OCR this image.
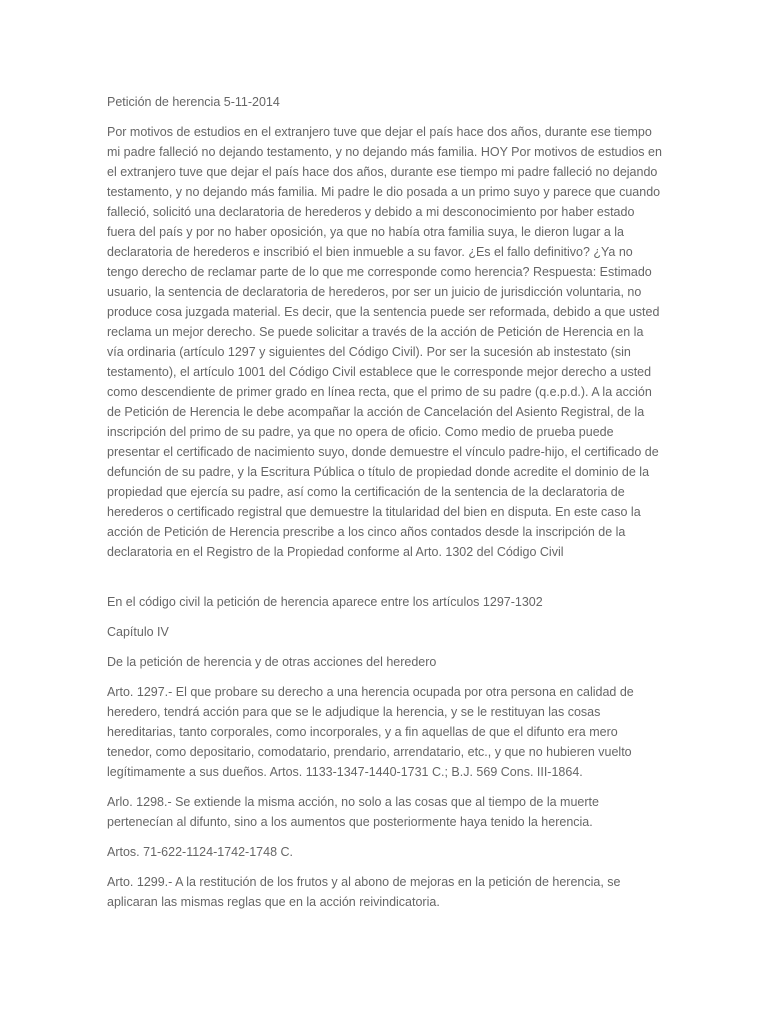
Petición de herencia 5-11-2014

Por motivos de estudios en el extranjero tuve que dejar el país hace dos años, durante ese tiempo mi padre falleció no dejando testamento, y no dejando más familia. HOY Por motivos de estudios en el extranjero tuve que dejar el país hace dos años, durante ese tiempo mi padre falleció no dejando testamento, y no dejando más familia. Mi padre le dio posada a un primo suyo y parece que cuando falleció, solicitó una declaratoria de herederos y debido a mi desconocimiento por haber estado fuera del país y por no haber oposición, ya que no había otra familia suya, le dieron lugar a la declaratoria de herederos e inscribió el bien inmueble a su favor. ¿Es el fallo definitivo? ¿Ya no tengo derecho de reclamar parte de lo que me corresponde como herencia? Respuesta: Estimado usuario, la sentencia de declaratoria de herederos, por ser un juicio de jurisdicción voluntaria, no produce cosa juzgada material. Es decir, que la sentencia puede ser reformada, debido a que usted reclama un mejor derecho. Se puede solicitar a través de la acción de Petición de Herencia en la vía ordinaria (artículo 1297 y siguientes del Código Civil). Por ser la sucesión ab instestato (sin testamento), el artículo 1001 del Código Civil establece que le corresponde mejor derecho a usted como descendiente de primer grado en línea recta, que el primo de su padre (q.e.p.d.). A la acción de Petición de Herencia le debe acompañar la acción de Cancelación del Asiento Registral, de la inscripción del primo de su padre, ya que no opera de oficio. Como medio de prueba puede presentar el certificado de nacimiento suyo, donde demuestre el vínculo padre-hijo, el certificado de defunción de su padre, y la Escritura Pública o título de propiedad donde acredite el dominio de la propiedad que ejercía su padre, así como la certificación de la sentencia de la declaratoria de herederos o certificado registral que demuestre la titularidad del bien en disputa. En este caso la acción de Petición de Herencia prescribe a los cinco años contados desde la inscripción de la declaratoria en el Registro de la Propiedad conforme al Arto. 1302 del Código Civil

En el código civil la petición de herencia aparece entre los artículos 1297-1302

Capítulo IV

De la petición de herencia y de otras acciones del heredero

Arto. 1297.- El que probare su derecho a una herencia ocupada por otra persona en calidad de heredero, tendrá acción para que se le adjudique la herencia, y se le restituyan las cosas hereditarias, tanto corporales, como incorporales, y a fin aquellas de que el difunto era mero tenedor, como depositario, comodatario, prendario, arrendatario, etc., y que no hubieren vuelto legítimamente a sus dueños. Artos. 1133-1347-1440-1731 C.; B.J. 569 Cons. III-1864.

Arlo. 1298.- Se extiende la misma acción, no solo a las cosas que al tiempo de la muerte pertenecían al difunto, sino a los aumentos que posteriormente haya tenido la herencia.

Artos. 71-622-1124-1742-1748 C.

Arto. 1299.- A la restitución de los frutos y al abono de mejoras en la petición de herencia, se aplicaran las mismas reglas que en la acción reivindicatoria.
